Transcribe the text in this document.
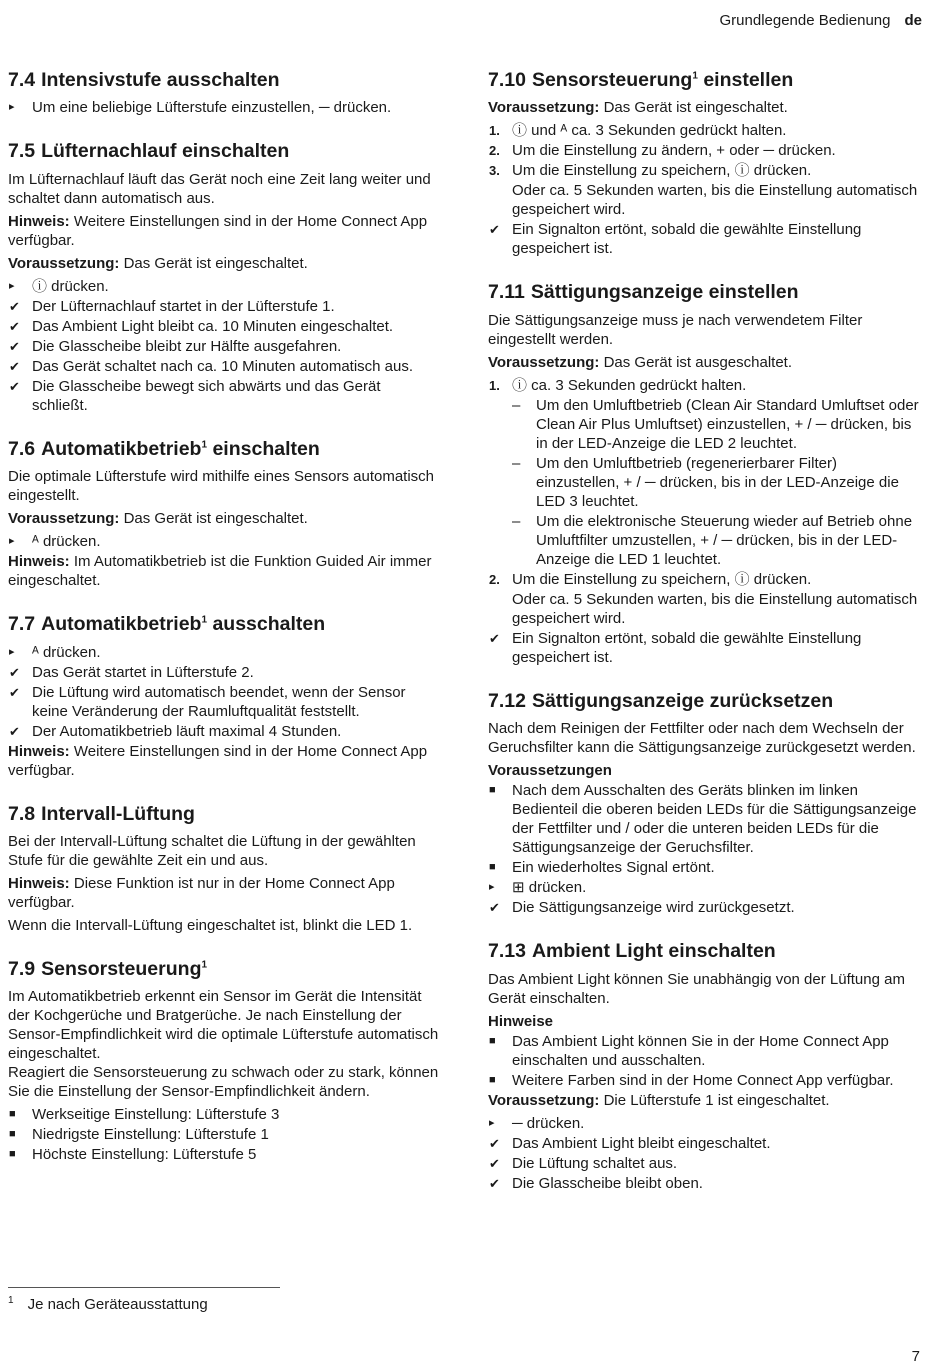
Grundlegende Bedienung de
7.4 Intensivstufe ausschalten
▸	Um eine beliebige Lüfterstufe einzustellen, ─ drücken.
7.5 Lüfternachlauf einschalten

Im Lüfternachlauf läuft das Gerät noch eine Zeit lang weiter und schaltet dann automatisch aus.

Hinweis: Weitere Einstellungen sind in der Home Connect App verfügbar.

Voraussetzung: Das Gerät ist eingeschaltet.

▸	ⓘ drücken.
✔ Der Lüfternachlauf startet in der Lüfterstufe 1.
✔ Das Ambient Light bleibt ca. 10 Minuten eingeschaltet.
✔ Die Glasscheibe bleibt zur Hälfte ausgefahren.
✔ Das Gerät schaltet nach ca. 10 Minuten automatisch aus.
✔ Die Glasscheibe bewegt sich abwärts und das Gerät schließt.
7.6 Automatikbetrieb$^1$ einschalten

Die optimale Lüfterstufe wird mithilfe eines Sensors automatisch eingestellt.

Voraussetzung: Das Gerät ist eingeschaltet.

▸	ᴬ drücken.

Hinweis: Im Automatikbetrieb ist die Funktion Guided Air immer eingeschaltet.

7.7 Automatikbetrieb$^1$ ausschalten
▸	ᴬ drücken.
✔ Das Gerät startet in Lüfterstufe 2.
✔ Die Lüftung wird automatisch beendet, wenn der Sensor keine Veränderung der Raumluftqualität feststellt.
✔ Der Automatikbetrieb läuft maximal 4 Stunden.

Hinweis: Weitere Einstellungen sind in der Home Connect App verfügbar.

7.8 Intervall-Lüftung

Bei der Intervall-Lüftung schaltet die Lüftung in der gewählten Stufe für die gewählte Zeit ein und aus.

Hinweis: Diese Funktion ist nur in der Home Connect App verfügbar.

Wenn die Intervall-Lüftung eingeschaltet ist, blinkt die LED 1.

7.9 Sensorsteuerung$^1$

Im Automatikbetrieb erkennt ein Sensor im Gerät die Intensität der Kochgerüche und Bratgerüche. Je nach Einstellung der Sensor-Empfindlichkeit wird die optimale Lüfterstufe automatisch eingeschaltet.

Reagiert die Sensorsteuerung zu schwach oder zu stark, können Sie die Einstellung der Sensor-Empfindlichkeit ändern.

■	Werkseitige Einstellung: Lüfterstufe 3
■	Niedrigste Einstellung: Lüfterstufe 1
■	Höchste Einstellung: Lüfterstufe 5
7.10 Sensorsteuerung$^1$ einstellen

Voraussetzung: Das Gerät ist eingeschaltet.

1. ⓘ und ᴬ ca. 3 Sekunden gedrückt halten.
2. Um die Einstellung zu ändern, + oder ─ drücken.
3. Um die Einstellung zu speichern, ⓘ drücken.
Oder ca. 5 Sekunden warten, bis die Einstellung automatisch gespeichert wird.
✔ Ein Signalton ertönt, sobald die gewählte Einstellung gespeichert ist.
7.11 Sättigungsanzeige einstellen

Die Sättigungsanzeige muss je nach verwendetem Filter eingestellt werden.

Voraussetzung: Das Gerät ist ausgeschaltet.

1. ⓘ ca. 3 Sekunden gedrückt halten.
– Um den Umluftbetrieb (Clean Air Standard Umluftset oder Clean Air Plus Umluftset) einzustellen, + / ─ drücken, bis in der LED-Anzeige die LED 2 leuchtet.
– Um den Umluftbetrieb (regenerierbarer Filter) einzustellen, + / ─ drücken, bis in der LED-Anzeige die LED 3 leuchtet.
– Um die elektronische Steuerung wieder auf Betrieb ohne Umluftfilter umzustellen, + / ─ drücken, bis in der LED-Anzeige die LED 1 leuchtet.
2. Um die Einstellung zu speichern, ⓘ drücken.
Oder ca. 5 Sekunden warten, bis die Einstellung automatisch gespeichert wird.
✔ Ein Signalton ertönt, sobald die gewählte Einstellung gespeichert ist.
7.12 Sättigungsanzeige zurücksetzen

Nach dem Reinigen der Fettfilter oder nach dem Wechseln der Geruchsfilter kann die Sättigungsanzeige zurückgesetzt werden.

Voraussetzungen

■	Nach dem Ausschalten des Geräts blinken im linken Bedienteil die oberen beiden LEDs für die Sättigungsanzeige der Fettfilter und / oder die unteren beiden LEDs für die Sättigungsanzeige der Geruchsfilter.
■	Ein wiederholtes Signal ertönt.
▸	⊞ drücken.
✔ Die Sättigungsanzeige wird zurückgesetzt.
7.13 Ambient Light einschalten

Das Ambient Light können Sie unabhängig von der Lüftung am Gerät einschalten.

Hinweise

■	Das Ambient Light können Sie in der Home Connect App einschalten und ausschalten.
■	Weitere Farben sind in der Home Connect App verfügbar.

Voraussetzung: Die Lüfterstufe 1 ist eingeschaltet.

▸	─ drücken.
✔ Das Ambient Light bleibt eingeschaltet.
✔ Die Lüftung schaltet aus.
✔ Die Glasscheibe bleibt oben.
$^1$ Je nach Geräteausstattung
7
